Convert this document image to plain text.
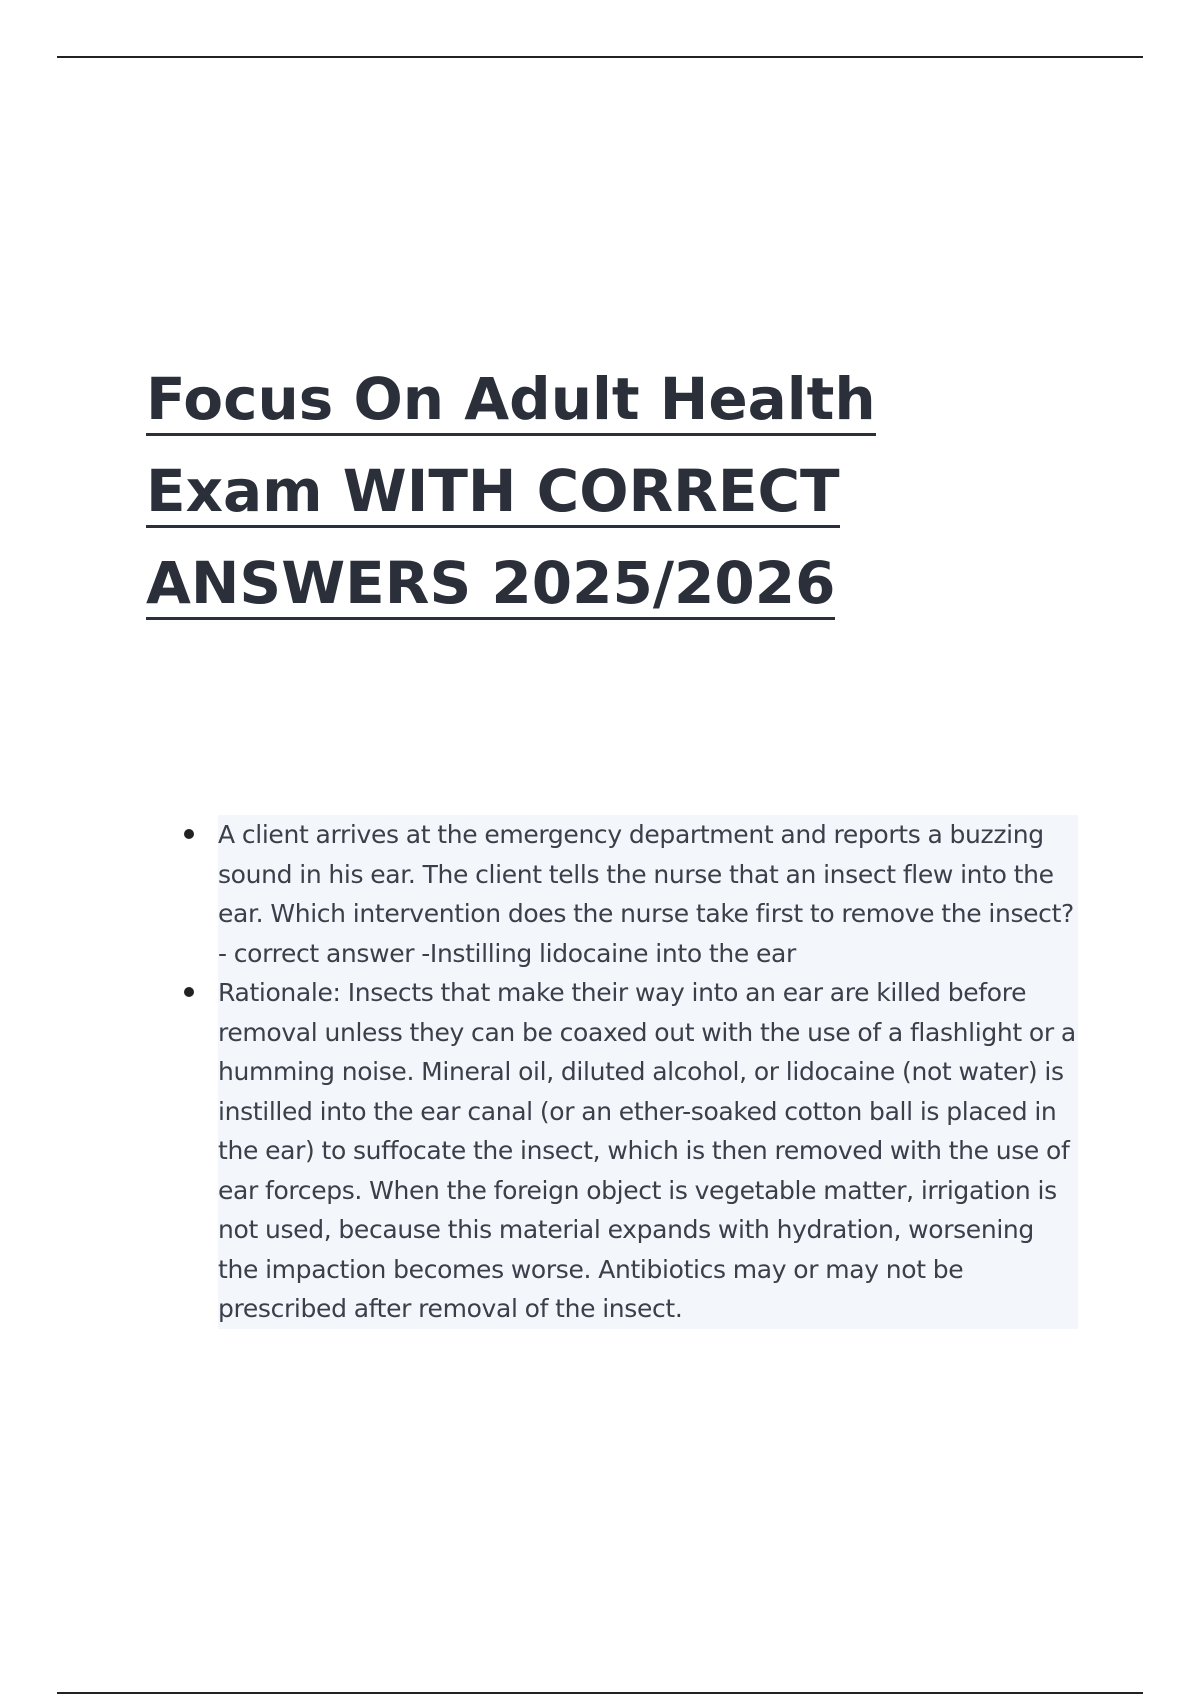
Focus On Adult Health
Exam WITH CORRECT
ANSWERS 2025/2026
A client arrives at the emergency department and reports a buzzing sound in his ear. The client tells the nurse that an insect flew into the ear. Which intervention does the nurse take first to remove the insect? - correct answer -Instilling lidocaine into the ear
Rationale: Insects that make their way into an ear are killed before removal unless they can be coaxed out with the use of a flashlight or a humming noise. Mineral oil, diluted alcohol, or lidocaine (not water) is instilled into the ear canal (or an ether-soaked cotton ball is placed in the ear) to suffocate the insect, which is then removed with the use of ear forceps. When the foreign object is vegetable matter, irrigation is not used, because this material expands with hydration, worsening the impaction becomes worse. Antibiotics may or may not be prescribed after removal of the insect.
